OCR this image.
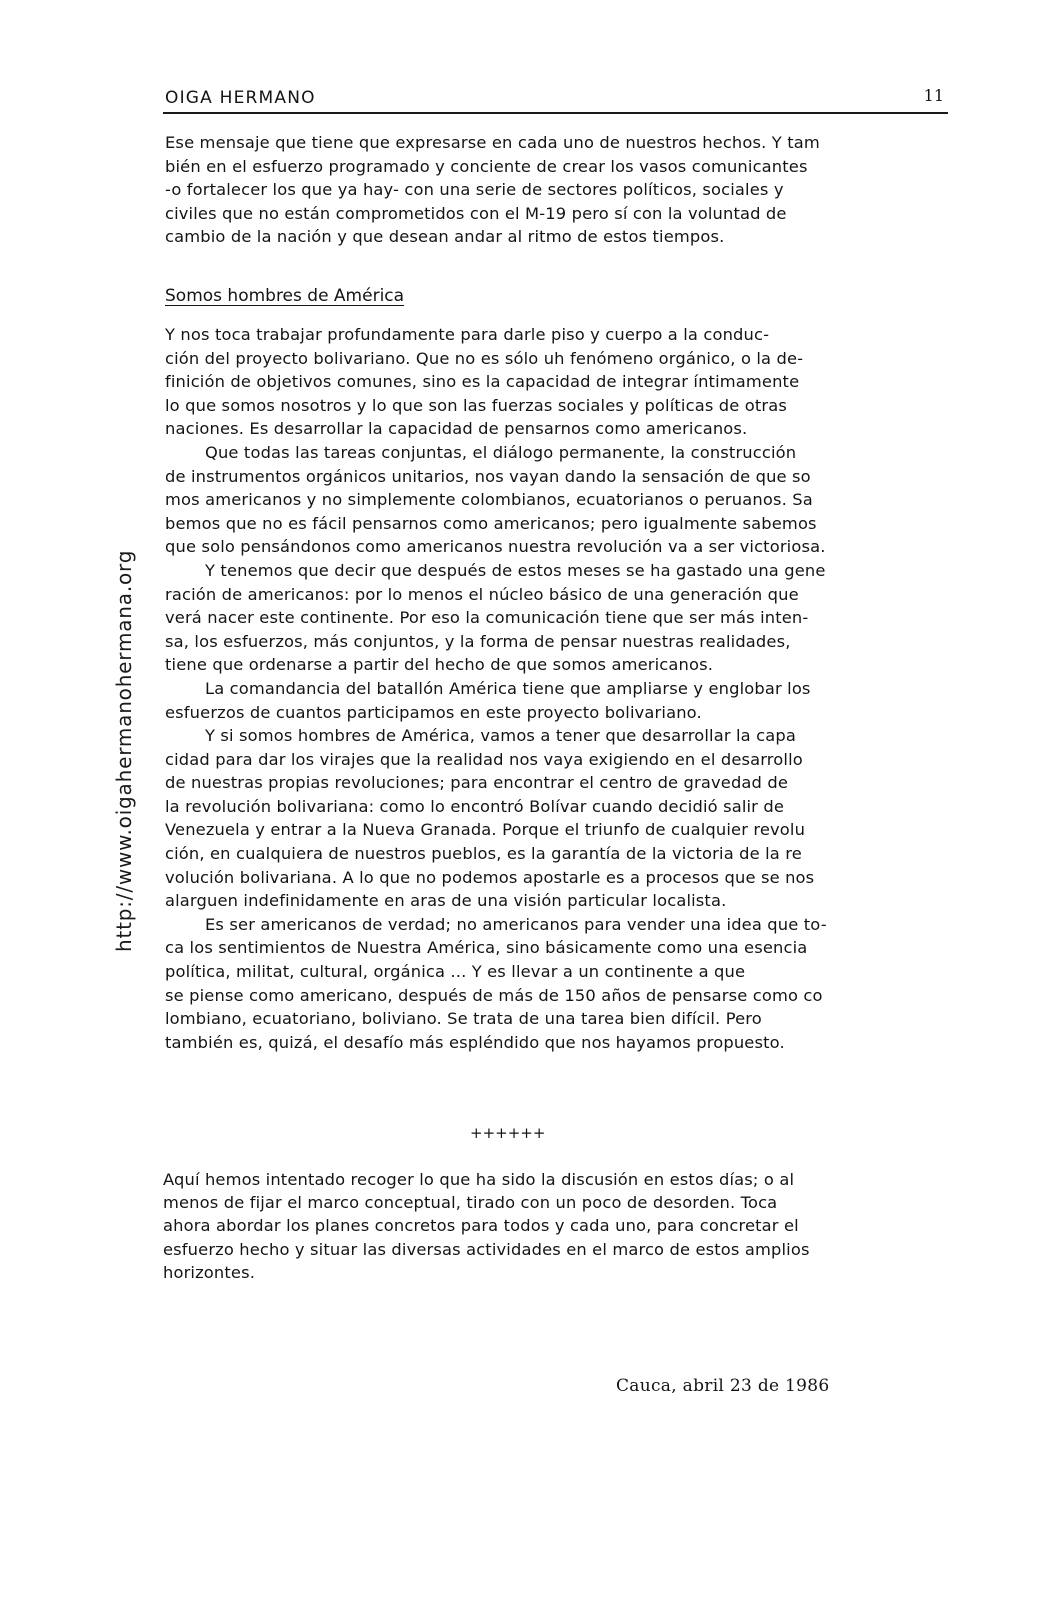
http://www.oigahermanohermana.org
OIGA HERMANO	11
Ese mensaje que tiene que expresarse en cada uno de nuestros hechos. Y tam
bién en el esfuerzo programado y conciente de crear los vasos comunicantes
-o fortalecer los que ya hay- con una serie de sectores políticos, sociales y
civiles que no están comprometidos con el M-19 pero sí con la voluntad de
cambio de la nación y que desean andar al ritmo de estos tiempos.
Somos hombres de América
Y nos toca trabajar profundamente para darle piso y cuerpo a la conduc-
ción del proyecto bolivariano. Que no es sólo uh fenómeno orgánico, o la de-
finición de objetivos comunes, sino es la capacidad de integrar íntimamente
lo que somos nosotros y lo que son las fuerzas sociales y políticas de otras
naciones. Es desarrollar la capacidad de pensarnos como americanos.
Que todas las tareas conjuntas, el diálogo permanente, la construcción
de instrumentos orgánicos unitarios, nos vayan dando la sensación de que so
mos americanos y no simplemente colombianos, ecuatorianos o peruanos. Sa
bemos que no es fácil pensarnos como americanos; pero igualmente sabemos
que solo pensándonos como americanos nuestra revolución va a ser victoriosa.
Y tenemos que decir que después de estos meses se ha gastado una gene
ración de americanos: por lo menos el núcleo básico de una generación que
verá nacer este continente. Por eso la comunicación tiene que ser más inten-
sa, los esfuerzos, más conjuntos, y la forma de pensar nuestras realidades,
tiene que ordenarse a partir del hecho de que somos americanos.
La comandancia del batallón América tiene que ampliarse y englobar los
esfuerzos de cuantos participamos en este proyecto bolivariano.
Y si somos hombres de América, vamos a tener que desarrollar la capa
cidad para dar los virajes que la realidad nos vaya exigiendo en el desarrollo
de nuestras propias revoluciones; para encontrar el centro de gravedad de
la revolución bolivariana: como lo encontró Bolívar cuando decidió salir de
Venezuela y entrar a la Nueva Granada. Porque el triunfo de cualquier revolu
ción, en cualquiera de nuestros pueblos, es la garantía de la victoria de la re
volución bolivariana. A lo que no podemos apostarle es a procesos que se nos
alarguen indefinidamente en aras de una visión particular localista.
Es ser americanos de verdad; no americanos para vender una idea que to-
ca los sentimientos de Nuestra América, sino básicamente como una esencia
política, militat, cultural, orgánica ... Y es llevar a un continente a que
se piense como americano, después de más de 150 años de pensarse como co
lombiano, ecuatoriano, boliviano. Se trata de una tarea bien difícil. Pero
también es, quizá, el desafío más espléndido que nos hayamos propuesto.
++++++
Aquí hemos intentado recoger lo que ha sido la discusión en estos días; o al
menos de fijar el marco conceptual, tirado con un poco de desorden. Toca
ahora abordar los planes concretos para todos y cada uno, para concretar el
esfuerzo hecho y situar las diversas actividades en el marco de estos amplios
horizontes.
Cauca, abril 23 de 1986
